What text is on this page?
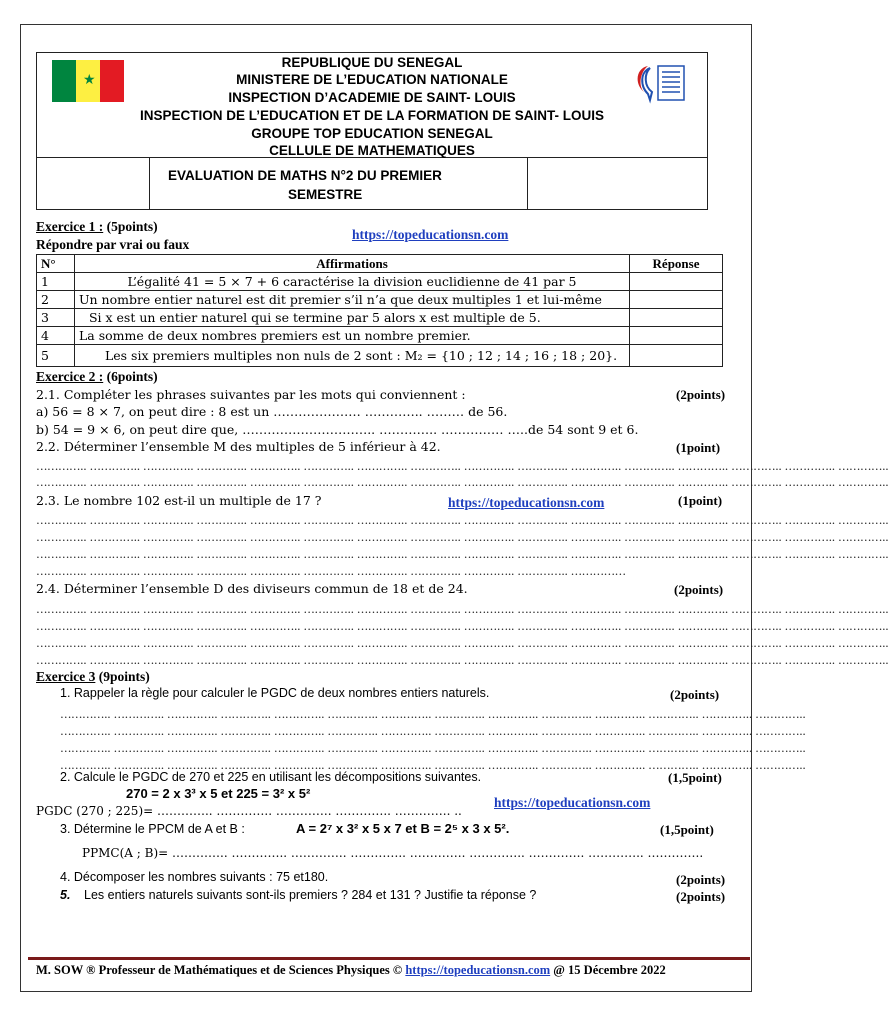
★
REPUBLIQUE DU SENEGAL
MINISTERE DE L’EDUCATION NATIONALE
INSPECTION D’ACADEMIE DE SAINT- LOUIS
INSPECTION DE L’EDUCATION ET DE LA FORMATION DE SAINT- LOUIS
GROUPE TOP EDUCATION SENEGAL
CELLULE DE MATHEMATIQUES
EVALUATION DE MATHS N°2 DU PREMIER
SEMESTRE
Exercice 1 : (5points)
Répondre par vrai ou faux
https://topeducationsn.com
N°	Affirmations	Réponse
1	L’égalité 41 = 5 × 7 + 6 caractérise la division euclidienne de 41 par 5	
2	Un nombre entier naturel est dit premier s’il n’a que deux multiples 1 et lui-même	
3	Si x est un entier naturel qui se termine par 5 alors x est multiple de 5.	
4	La somme de deux nombres premiers est un nombre premier.	
5	Les six premiers multiples non nuls de 2 sont : M₂ = {10 ; 12 ; 14 ; 16 ; 18 ; 20}.	
Exercice 2 : (6points)
2.1. Compléter les phrases suivantes par les mots qui conviennent :	(2points)
a) 56 = 8 × 7, on peut dire : 8 est un ………………… ………….. ……… de 56.
b) 54 = 9 × 6, on peut dire que, ………………………….. ………….. …………… …..de 54 sont 9 et 6.
2.2. Déterminer l’ensemble M des multiples de 5 inférieur à 42.	(1point)
………….. ………….. ………….. ………….. ………….. ………….. ………….. ………….. ………….. ………….. ………….. ………….. ………….. ………….. ………….. …………..
………….. ………….. ………….. ………….. ………….. ………….. ………….. ………….. ………….. ………….. ………….. ………….. ………….. ………….. ………….. …………..
2.3. Le nombre 102 est-il un multiple de 17 ?	https://topeducationsn.com	(1point)
………….. ………….. ………….. ………….. ………….. ………….. ………….. ………….. ………….. ………….. ………….. ………….. ………….. ………….. ………….. …………..
………….. ………….. ………….. ………….. ………….. ………….. ………….. ………….. ………….. ………….. ………….. ………….. ………….. ………….. ………….. …………..
………….. ………….. ………….. ………….. ………….. ………….. ………….. ………….. ………….. ………….. ………….. ………….. ………….. ………….. ………….. …………..
………….. ………….. ………….. ………….. ………….. ………….. ………….. ………….. ………….. ………….. ……………
2.4. Déterminer l’ensemble D des diviseurs commun de 18 et de 24.	(2points)
………….. ………….. ………….. ………….. ………….. ………….. ………….. ………….. ………….. ………….. ………….. ………….. ………….. ………….. ………….. …………..
………….. ………….. ………….. ………….. ………….. ………….. ………….. ………….. ………….. ………….. ………….. ………….. ………….. ………….. ………….. …………..
………….. ………….. ………….. ………….. ………….. ………….. ………….. ………….. ………….. ………….. ………….. ………….. ………….. ………….. ………….. …………..
………….. ………….. ………….. ………….. ………….. ………….. ………….. ………….. ………….. ………….. ………….. ………….. ………….. ………….. ………….. …………..
Exercice 3 (9points)
1. Rappeler la règle pour calculer le PGDC de deux nombres entiers naturels.	(2points)
………….. ………….. ………….. ………….. ………….. ………….. ………….. ………….. ………….. ………….. ………….. ………….. ………….. …………..
………….. ………….. ………….. ………….. ………….. ………….. ………….. ………….. ………….. ………….. ………….. ………….. ………….. …………..
………….. ………….. ………….. ………….. ………….. ………….. ………….. ………….. ………….. ………….. ………….. ………….. ………….. …………..
………….. ………….. ………….. ………….. ………….. ………….. ………….. ………….. ………….. ………….. ………….. ………….. ………….. …………..
2. Calcule le PGDC de 270 et 225 en utilisant les décompositions suivantes.	(1,5point)
270 = 2 x 3³ x 5 et 225 = 3² x 5²
PGDC (270 ; 225)= ………….. ………….. ………….. ………….. ………….. ..
https://topeducationsn.com
3. Détermine le PPCM de A et B :	A = 2⁷ x 3² x 5 x 7 et B = 2⁵ x 3 x 5².	(1,5point)
PPMC(A ; B)= ………….. ………….. ………….. ………….. ………….. ………….. ………….. ………….. …………..
4. Décomposer les nombres suivants : 75 et180.	(2points)
5. Les entiers naturels suivants sont-ils premiers ? 284 et 131 ? Justifie ta réponse ?	(2points)
M. SOW ® Professeur de Mathématiques et de Sciences Physiques © https://topeducationsn.com @ 15 Décembre 2022
